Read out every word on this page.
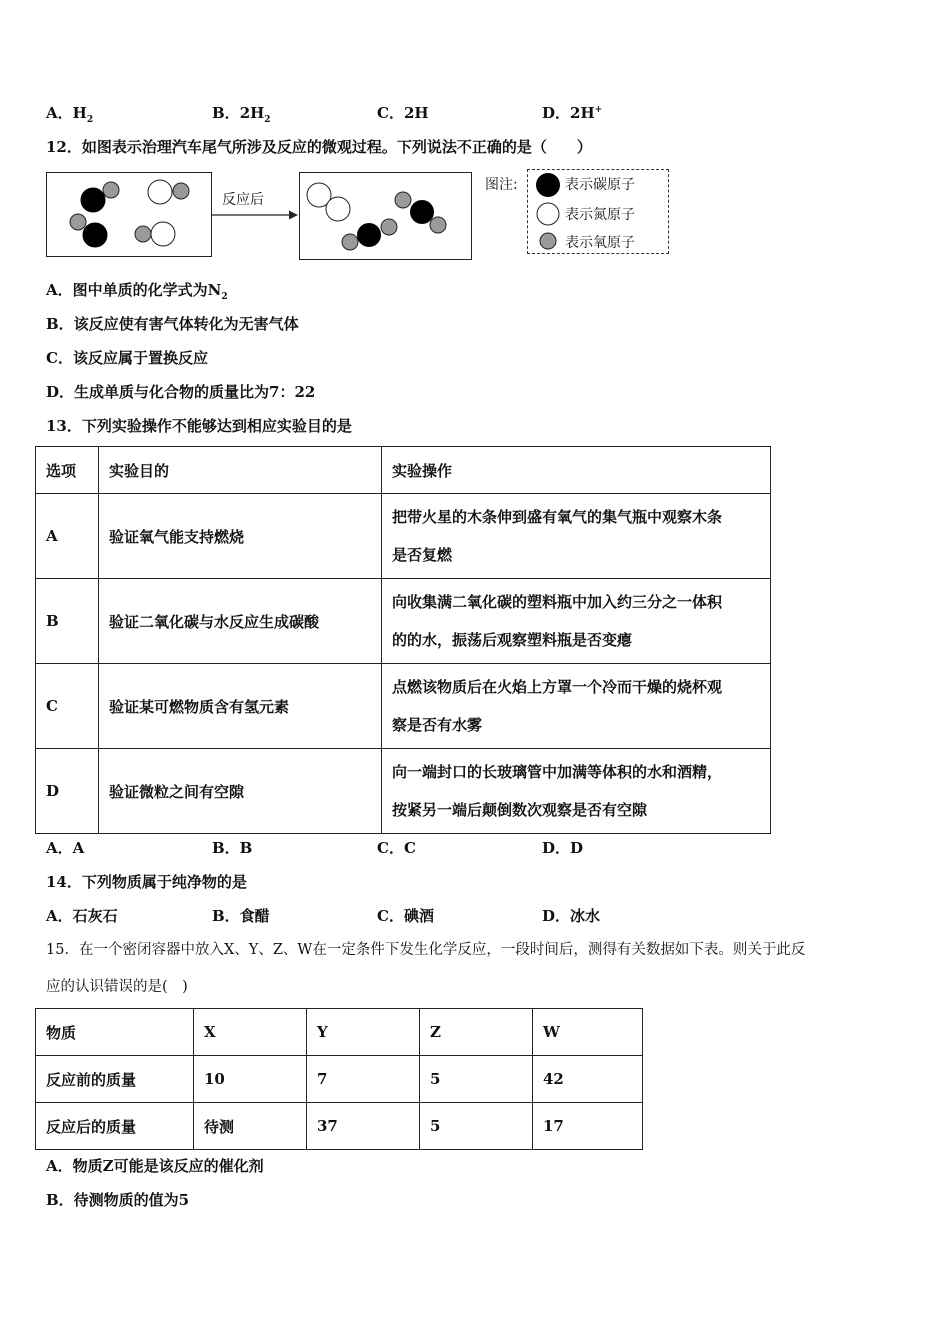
A．$H_2$	B．$2H_2$	C．2H	D．2H+
12．如图表示治理汽车尾气所涉及反应的微观过程。下列说法不正确的是（　　）
反应后
图注:	表示碳原子
表示氮原子
表示氧原子
A．图中单质的化学式为$N_2$
B．该反应使有害气体转化为无害气体
C．该反应属于置换反应
D．生成单质与化合物的质量比为7：22
13．下列实验操作不能够达到相应实验目的是
选项	实验目的	实验操作
A	验证氧气能支持燃烧	把带火星的木条伸到盛有氧气的集气瓶中观察木条
是否复燃

B	验证二氧化碳与水反应生成碳酸	向收集满二氧化碳的塑料瓶中加入约三分之一体积
的的水，振荡后观察塑料瓶是否变瘪

C	验证某可燃物质含有氢元素	点燃该物质后在火焰上方罩一个冷而干燥的烧杯观
察是否有水雾

D	验证微粒之间有空隙	向一端封口的长玻璃管中加满等体积的水和酒精，
按紧另一端后颠倒数次观察是否有空隙
A．A	B．B	C．C	D．D
14．下列物质属于纯净物的是
A．石灰石	B．食醋	C．碘酒	D．冰水
15．在一个密闭容器中放入X、Y、Z、W在一定条件下发生化学反应，一段时间后，测得有关数据如下表。则关于此反
应的认识错误的是(　)
物质	X	Y	Z	W
反应前的质量	10	7	5	42
反应后的质量	待测	37	5	17
A．物质Z可能是该反应的催化剂
B．待测物质的值为5
